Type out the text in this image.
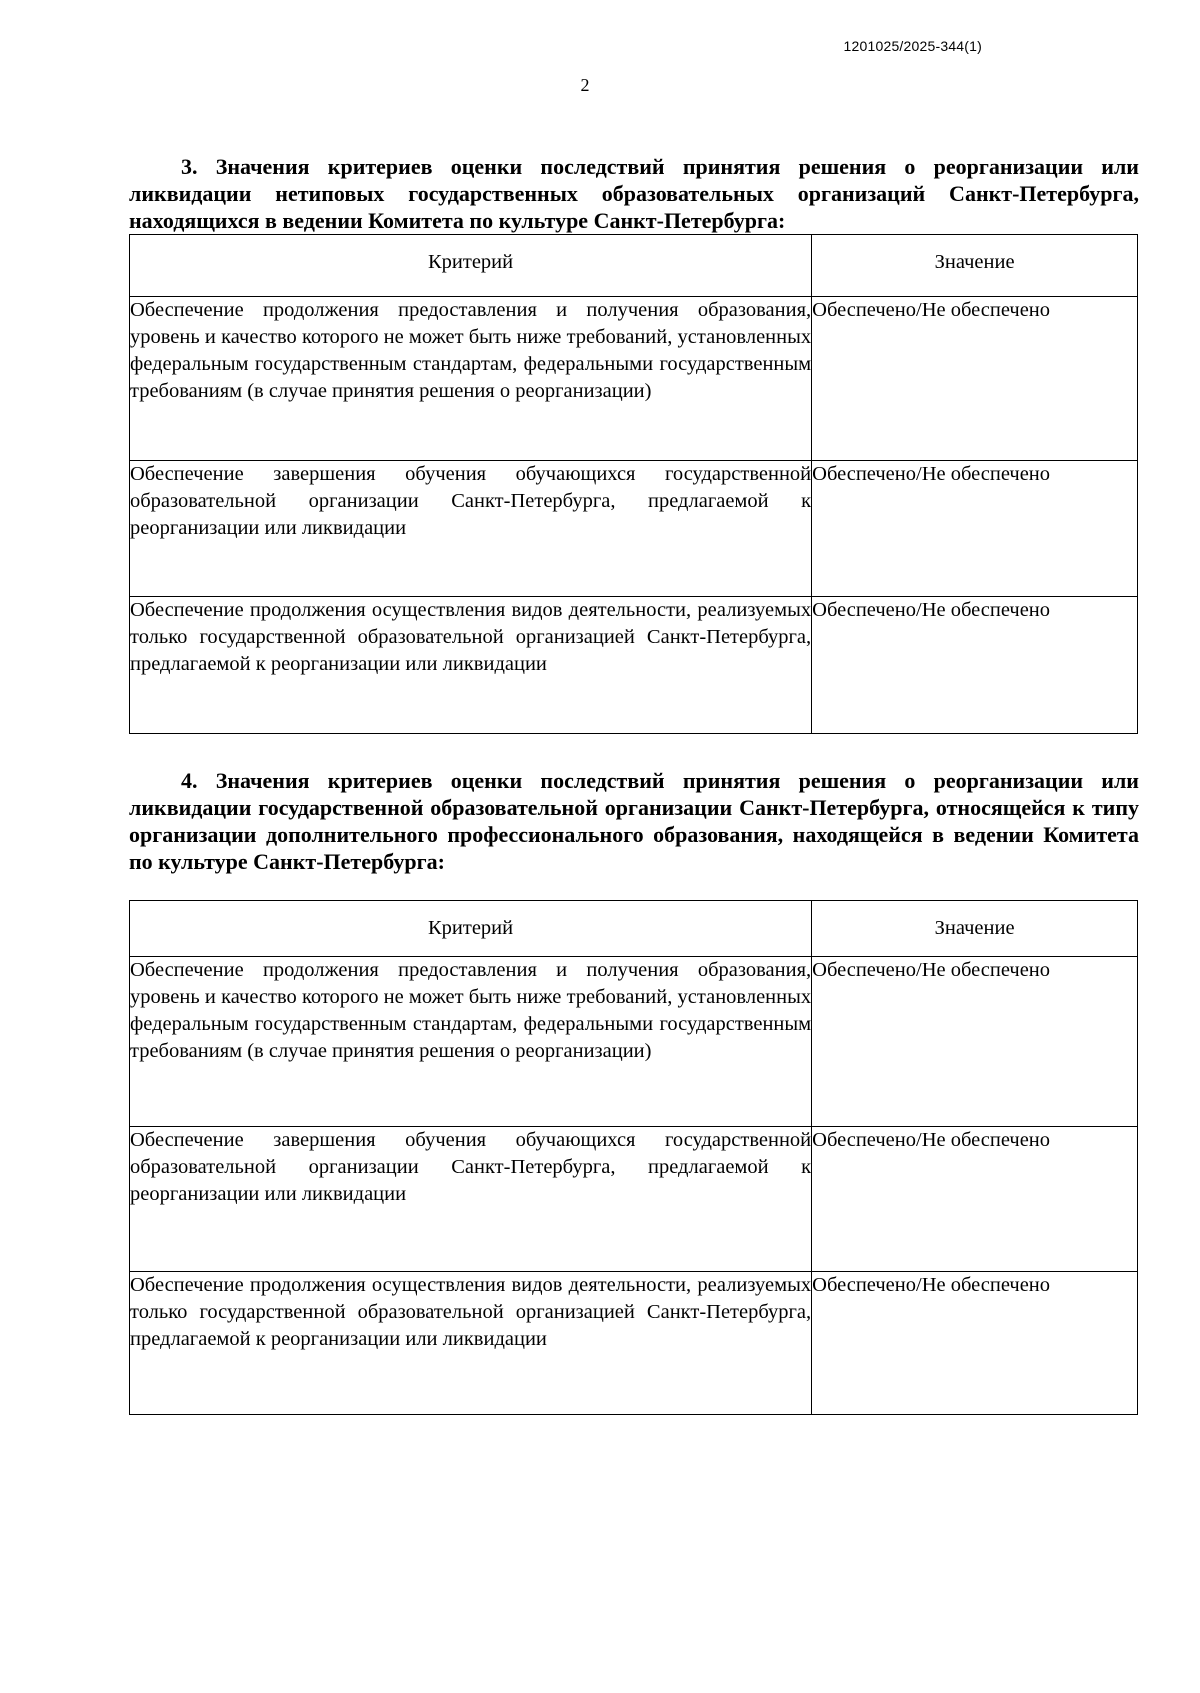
1201025/2025-344(1)
2
3. Значения критериев оценки последствий принятия решения о реорганизации или ликвидации нетиповых государственных образовательных организаций Санкт-Петербурга, находящихся в ведении Комитета по культуре Санкт-Петербурга:
Критерий	Значение
Обеспечение продолжения предоставления и получения образования, уровень и качество которого не может быть ниже требований, установленных федеральным государственным стандартам, федеральными государственным требованиям (в случае принятия решения о реорганизации)	Обеспечено/Не обеспечено
Обеспечение завершения обучения обучающихся государственной образовательной организации Санкт-Петербурга, предлагаемой к реорганизации или ликвидации	Обеспечено/Не обеспечено
Обеспечение продолжения осуществления видов деятельности, реализуемых только государственной образовательной организацией Санкт-Петербурга, предлагаемой к реорганизации или ликвидации	Обеспечено/Не обеспечено
4. Значения критериев оценки последствий принятия решения о реорганизации или ликвидации государственной образовательной организации Санкт-Петербурга, относящейся к типу организации дополнительного профессионального образования, находящейся в ведении Комитета по культуре Санкт-Петербурга:
Критерий	Значение
Обеспечение продолжения предоставления и получения образования, уровень и качество которого не может быть ниже требований, установленных федеральным государственным стандартам, федеральными государственным требованиям (в случае принятия решения о реорганизации)	Обеспечено/Не обеспечено
Обеспечение завершения обучения обучающихся государственной образовательной организации Санкт-Петербурга, предлагаемой к реорганизации или ликвидации	Обеспечено/Не обеспечено
Обеспечение продолжения осуществления видов деятельности, реализуемых только государственной образовательной организацией Санкт-Петербурга, предлагаемой к реорганизации или ликвидации	Обеспечено/Не обеспечено
